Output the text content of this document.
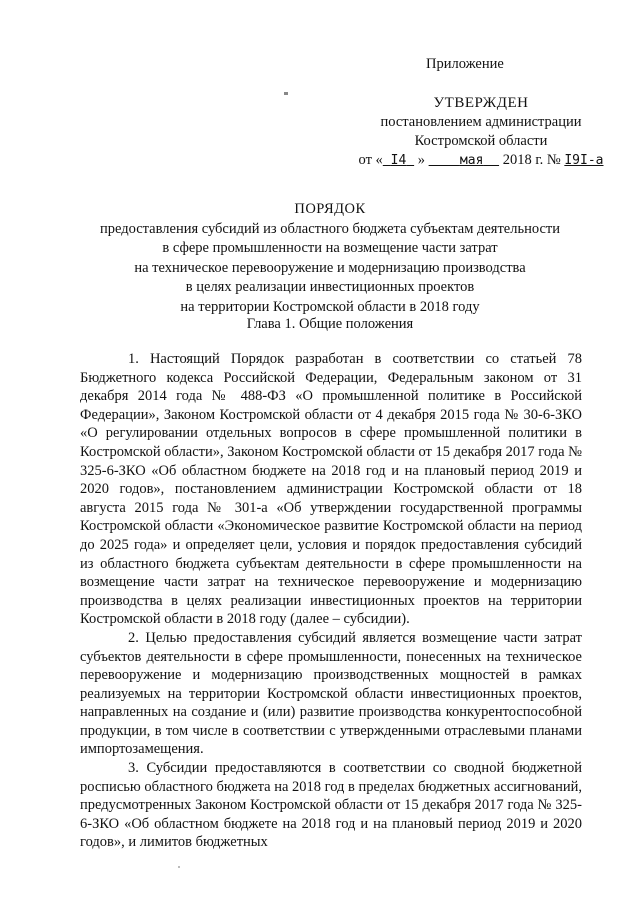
Приложение
УТВЕРЖДЕН
постановлением администрации
Костромской области
от « I4 »	мая 2018 г. № I9I-а
ПОРЯДОК
предоставления субсидий из областного бюджета субъектам деятельности
в сфере промышленности на возмещение части затрат
на техническое перевооружение и модернизацию производства
в целях реализации инвестиционных проектов
на территории Костромской области в 2018 году
Глава 1. Общие положения

1. Настоящий Порядок разработан в соответствии со статьей 78 Бюджетного кодекса Российской Федерации, Федеральным законом от 31 декабря 2014 года № 488-ФЗ «О промышленной политике в Российской Федерации», Законом Костромской области от 4 декабря 2015 года № 30-6-ЗКО «О регулировании отдельных вопросов в сфере промышленной политики в Костромской области», Законом Костромской области от 15 декабря 2017 года № 325-6-ЗКО «Об областном бюджете на 2018 год и на плановый период 2019 и 2020 годов», постановлением администрации Костромской области от 18 августа 2015 года № 301-а «Об утверждении государственной программы Костромской области «Экономическое развитие Костромской области на период до 2025 года» и определяет цели, условия и порядок предоставления субсидий из областного бюджета субъектам деятельности в сфере промышленности на возмещение части затрат на техническое перевооружение и модернизацию производства в целях реализации инвестиционных проектов на территории Костромской области в 2018 году (далее – субсидии).

2. Целью предоставления субсидий является возмещение части затрат субъектов деятельности в сфере промышленности, понесенных на техническое перевооружение и модернизацию производственных мощностей в рамках реализуемых на территории Костромской области инвестиционных проектов, направленных на создание и (или) развитие производства конкурентоспособной продукции, в том числе в соответствии с утвержденными отраслевыми планами импортозамещения.

3. Субсидии предоставляются в соответствии со сводной бюджетной росписью областного бюджета на 2018 год в пределах бюджетных ассигнований, предусмотренных Законом Костромской области от 15 декабря 2017 года № 325-6-ЗКО «Об областном бюджете на 2018 год и на плановый период 2019 и 2020 годов», и лимитов бюджетных
